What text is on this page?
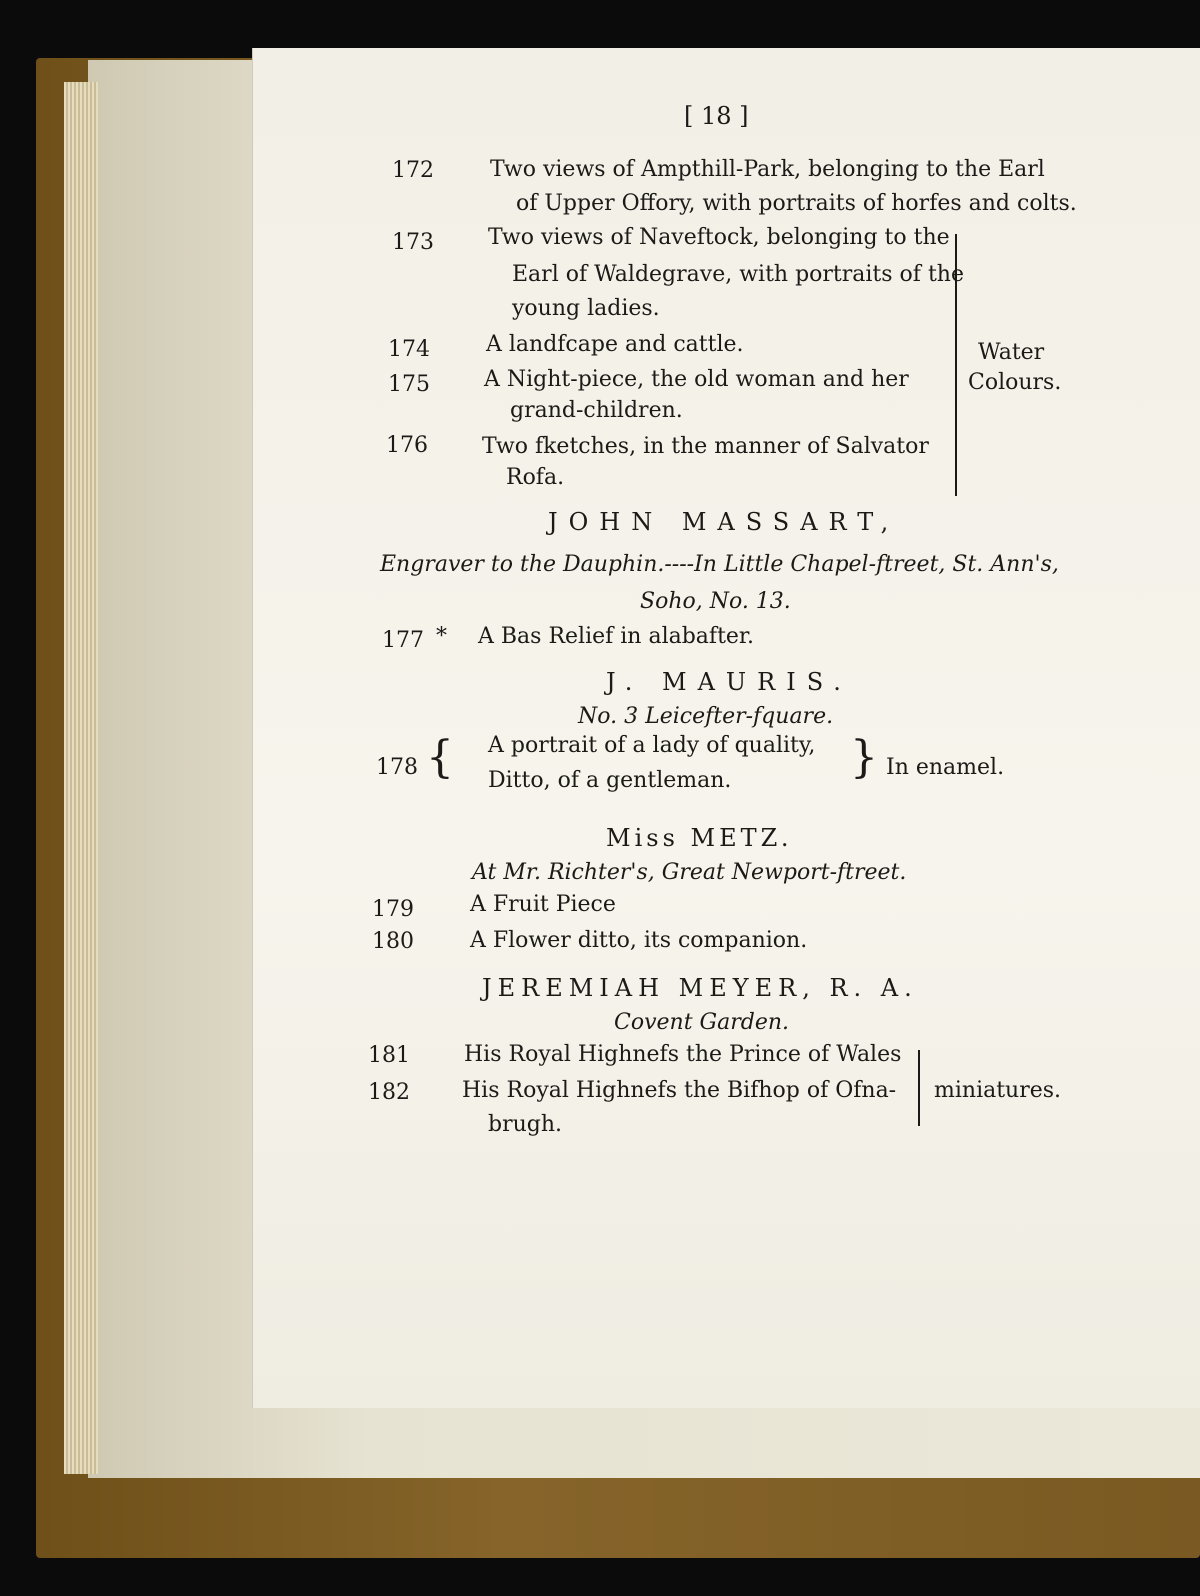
[ 18 ]
172	Two views of Ampthill-Park, belonging to the Earl
of Upper Offory, with portraits of horfes and colts.
173 Two views of Naveftock, belonging to the
Earl of Waldegrave, with portraits of the
young ladies.
174	A landfcape and cattle.
175 A Night-piece, the old woman and her
grand-children.
176 Two fketches, in the manner of Salvator
Rofa.
Water
Colours.
JOHN MASSART,
Engraver to the Dauphin.----In Little Chapel-ftreet, St. Ann's,
Soho, No. 13.
177 * A Bas Relief in alabafter.
J. MAURIS.
No. 3 Leicefter-fquare.
178 { A portrait of a lady of quality,
Ditto, of a gentleman.	} In enamel.
Miss METZ.
At Mr. Richter's, Great Newport-ftreet.
179	A Fruit Piece
180	A Flower ditto, its companion.
JEREMIAH MEYER, R. A.
Covent Garden.
181 His Royal Highnefs the Prince of Wales
182 His Royal Highnefs the Bifhop of Ofna-
brugh.
miniatures.
